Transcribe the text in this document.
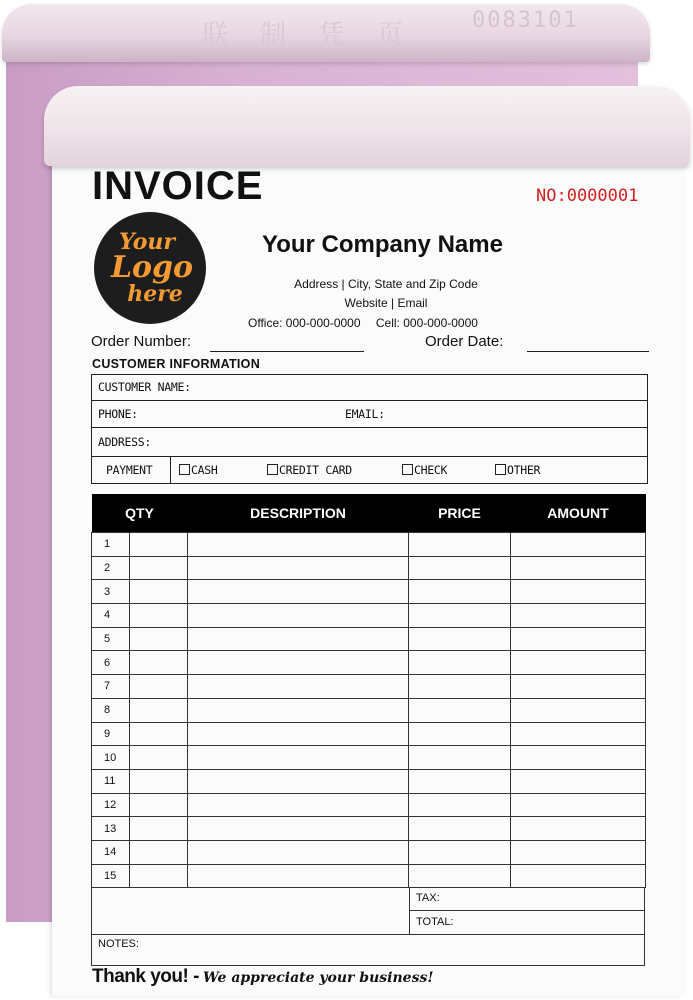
联 制 凭 页	0083101
INVOICE	NO:0000001
Your
Logo
here
Your Company Name
Address | City, State and Zip Code
Website | Email
Office: 000-000-0000 Cell: 000-000-0000
Order Number:	Order Date:
CUSTOMER INFORMATION
CUSTOMER NAME:
PHONE:	EMAIL:
ADDRESS:
PAYMENT	CASH	CREDIT CARD	CHECK	OTHER
QTY		DESCRIPTION	PRICE	AMOUNT
1				
2				
3				
4				
5				
6				
7				
8				
9				
10				
11				
12				
13				
14				
15				
TAX:
TOTAL:
NOTES:
Thank you! - We appreciate your business!
